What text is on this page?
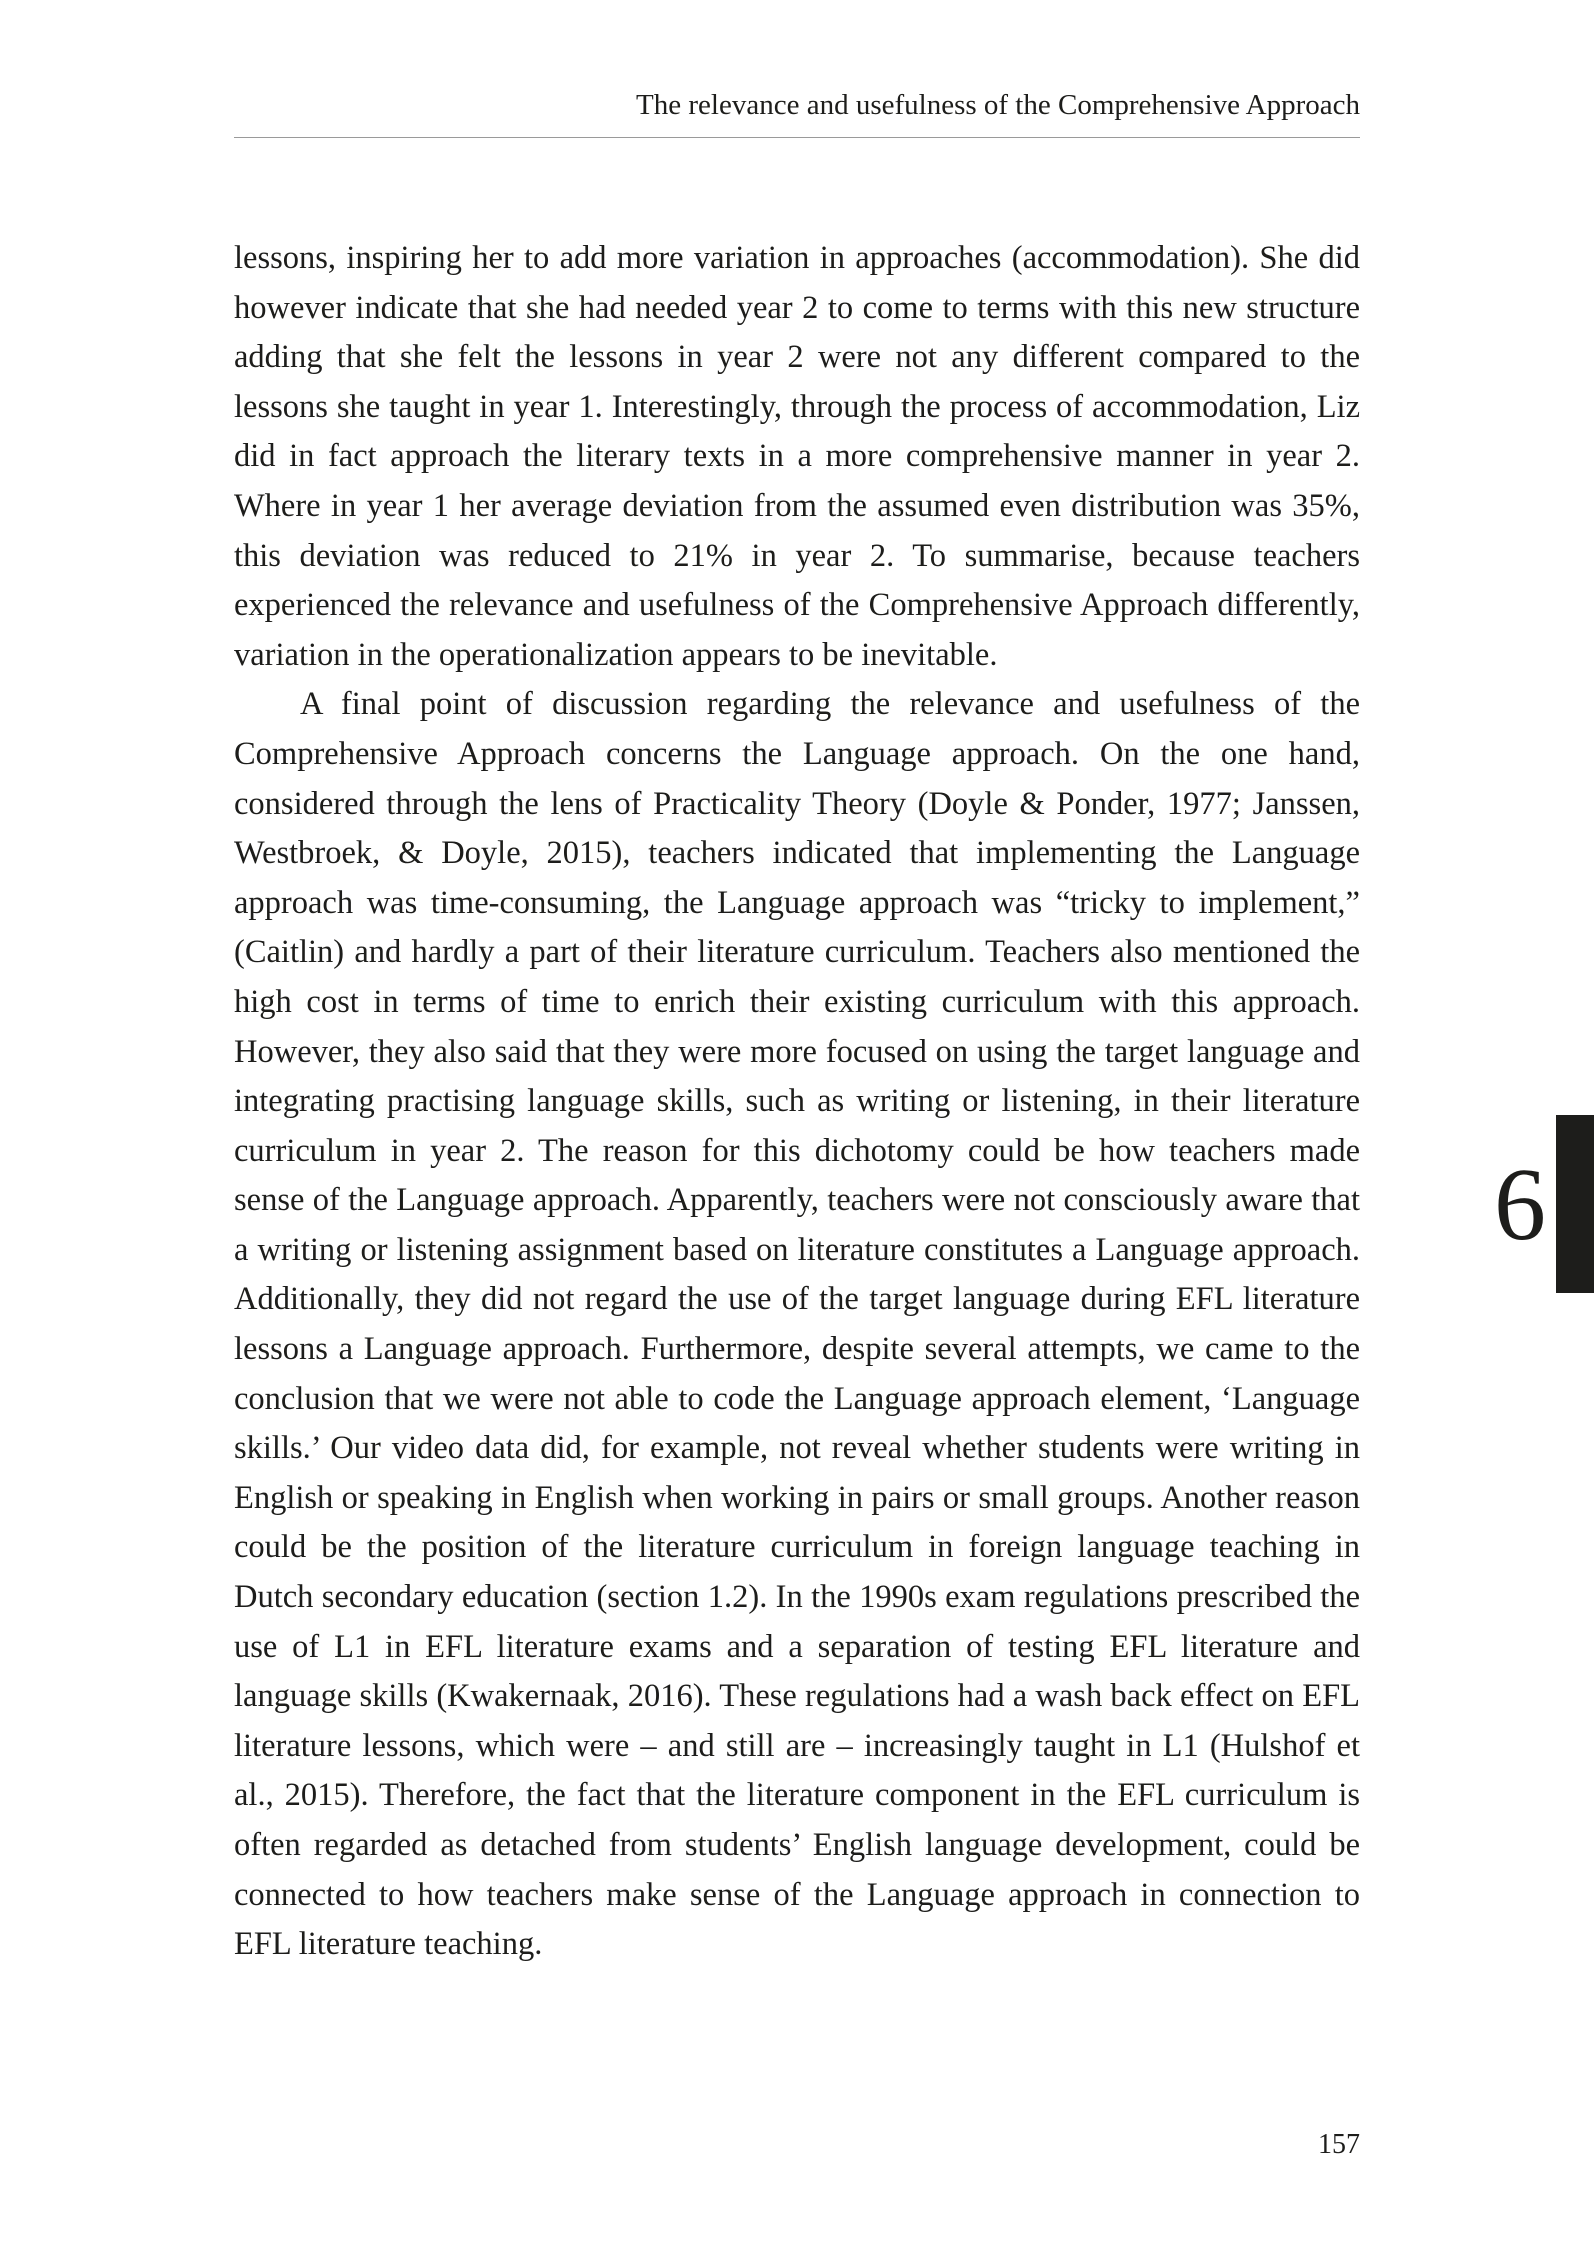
The relevance and usefulness of the Comprehensive Approach

lessons, inspiring her to add more variation in approaches (accommodation). She did however indicate that she had needed year 2 to come to terms with this new structure adding that she felt the lessons in year 2 were not any different compared to the lessons she taught in year 1. Interestingly, through the process of accommodation, Liz did in fact approach the literary texts in a more comprehensive manner in year 2. Where in year 1 her average deviation from the assumed even distribution was 35%, this deviation was reduced to 21% in year 2. To summarise, because teachers experienced the relevance and usefulness of the Comprehensive Approach differently, variation in the operationalization appears to be inevitable.

A final point of discussion regarding the relevance and usefulness of the Comprehensive Approach concerns the Language approach. On the one hand, considered through the lens of Practicality Theory (Doyle & Ponder, 1977; Janssen, Westbroek, & Doyle, 2015), teachers indicated that implementing the Language approach was time-consuming, the Language approach was “tricky to implement,” (Caitlin) and hardly a part of their literature curriculum. Teachers also mentioned the high cost in terms of time to enrich their existing curriculum with this approach. However, they also said that they were more focused on using the target language and integrating practising language skills, such as writing or listening, in their literature curriculum in year 2. The reason for this dichotomy could be how teachers made sense of the Language approach. Apparently, teachers were not consciously aware that a writing or listening assignment based on literature constitutes a Language approach. Additionally, they did not regard the use of the target language during EFL literature lessons a Language approach. Furthermore, despite several attempts, we came to the conclusion that we were not able to code the Language approach element, ‘Language skills.’ Our video data did, for example, not reveal whether students were writing in English or speaking in English when working in pairs or small groups. Another reason could be the position of the literature curriculum in foreign language teaching in Dutch secondary education (section 1.2). In the 1990s exam regulations prescribed the use of L1 in EFL literature exams and a separation of testing EFL literature and language skills (Kwakernaak, 2016). These regulations had a wash back effect on EFL literature lessons, which were – and still are – increasingly taught in L1 (Hulshof et al., 2015). Therefore, the fact that the literature component in the EFL curriculum is often regarded as detached from students’ English language development, could be connected to how teachers make sense of the Language approach in connection to EFL literature teaching.

6
157
